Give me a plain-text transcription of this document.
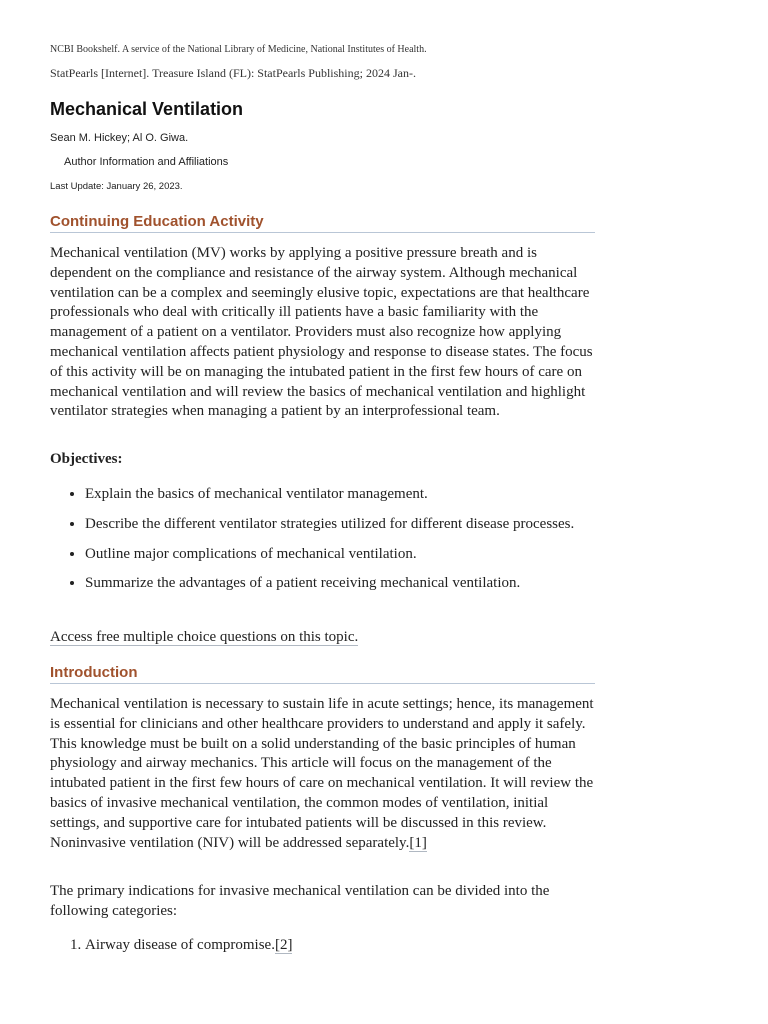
NCBI Bookshelf. A service of the National Library of Medicine, National Institutes of Health.
StatPearls [Internet]. Treasure Island (FL): StatPearls Publishing; 2024 Jan-.
Mechanical Ventilation
Sean M. Hickey; Al O. Giwa.
Author Information and Affiliations
Last Update: January 26, 2023.
Continuing Education Activity

Mechanical ventilation (MV) works by applying a positive pressure breath and is dependent on the compliance and resistance of the airway system. Although mechanical ventilation can be a complex and seemingly elusive topic, expectations are that healthcare professionals who deal with critically ill patients have a basic familiarity with the management of a patient on a ventilator. Providers must also recognize how applying mechanical ventilation affects patient physiology and response to disease states. The focus of this activity will be on managing the intubated patient in the first few hours of care on mechanical ventilation and will review the basics of mechanical ventilation and highlight ventilator strategies when managing a patient by an interprofessional team.

Objectives:

• Explain the basics of mechanical ventilator management.
• Describe the different ventilator strategies utilized for different disease processes.
• Outline major complications of mechanical ventilation.
• Summarize the advantages of a patient receiving mechanical ventilation.

Access free multiple choice questions on this topic.

Introduction

Mechanical ventilation is necessary to sustain life in acute settings; hence, its management is essential for clinicians and other healthcare providers to understand and apply it safely. This knowledge must be built on a solid understanding of the basic principles of human physiology and airway mechanics. This article will focus on the management of the intubated patient in the first few hours of care on mechanical ventilation. It will review the basics of invasive mechanical ventilation, the common modes of ventilation, initial settings, and supportive care for intubated patients will be discussed in this review. Noninvasive ventilation (NIV) will be addressed separately.[1]

The primary indications for invasive mechanical ventilation can be divided into the following categories:

1. Airway disease of compromise.[2]
